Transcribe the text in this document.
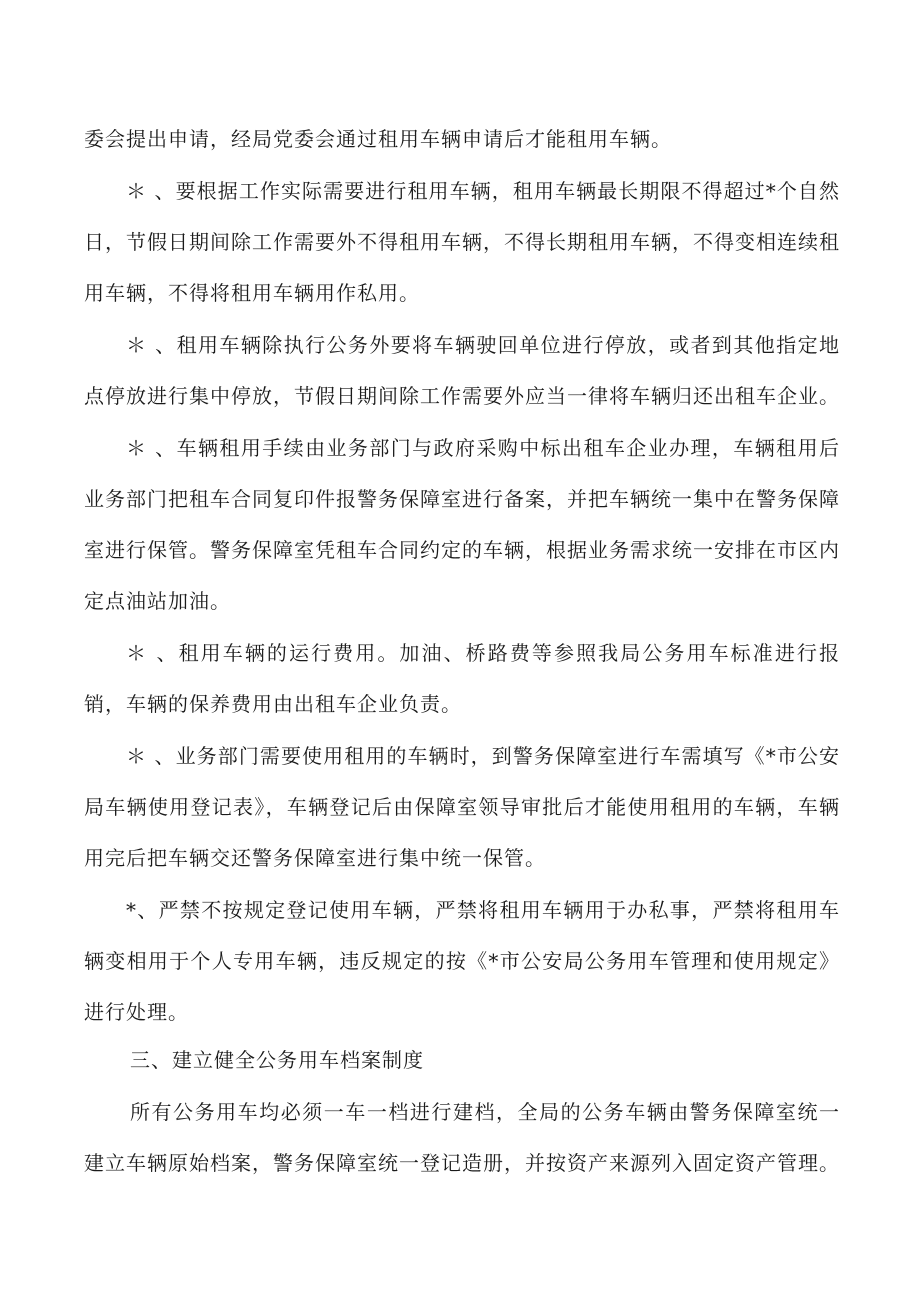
委会提出申请，经局党委会通过租用车辆申请后才能租用车辆。

＊ 、要根据工作实际需要进行租用车辆，租用车辆最长期限不得超过*个自然日，节假日期间除工作需要外不得租用车辆，不得长期租用车辆，不得变相连续租用车辆，不得将租用车辆用作私用。

＊ 、租用车辆除执行公务外要将车辆驶回单位进行停放，或者到其他指定地点停放进行集中停放，节假日期间除工作需要外应当一律将车辆归还出租车企业。

＊ 、车辆租用手续由业务部门与政府采购中标出租车企业办理，车辆租用后业务部门把租车合同复印件报警务保障室进行备案，并把车辆统一集中在警务保障室进行保管。警务保障室凭租车合同约定的车辆，根据业务需求统一安排在市区内定点油站加油。

＊ 、租用车辆的运行费用。加油、桥路费等参照我局公务用车标准进行报销，车辆的保养费用由出租车企业负责。

＊ 、业务部门需要使用租用的车辆时，到警务保障室进行车需填写《*市公安局车辆使用登记表》，车辆登记后由保障室领导审批后才能使用租用的车辆，车辆用完后把车辆交还警务保障室进行集中统一保管。

*、严禁不按规定登记使用车辆，严禁将租用车辆用于办私事，严禁将租用车辆变相用于个人专用车辆，违反规定的按《*市公安局公务用车管理和使用规定》进行处理。

三、建立健全公务用车档案制度

所有公务用车均必须一车一档进行建档，全局的公务车辆由警务保障室统一建立车辆原始档案，警务保障室统一登记造册，并按资产来源列入固定资产管理。
